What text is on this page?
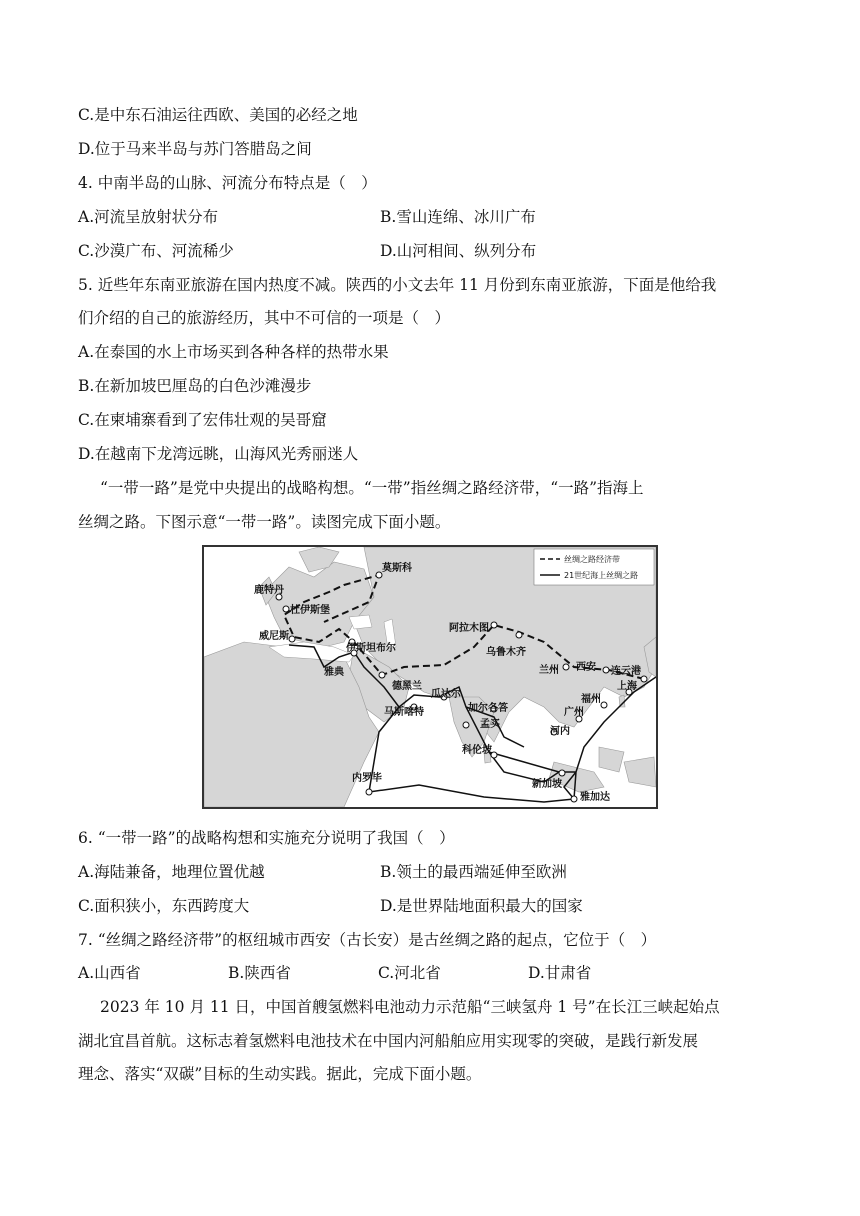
C.是中东石油运往西欧、美国的必经之地
D.位于马来半岛与苏门答腊岛之间
4. 中南半岛的山脉、河流分布特点是（　）
A.河流呈放射状分布	B.雪山连绵、冰川广布
C.沙漠广布、河流稀少	D.山河相间、纵列分布
5. 近些年东南亚旅游在国内热度不减。陕西的小文去年 11 月份到东南亚旅游，下面是他给我
们介绍的自己的旅游经历，其中不可信的一项是（　）
A.在泰国的水上市场买到各种各样的热带水果
B.在新加坡巴厘岛的白色沙滩漫步
C.在柬埔寨看到了宏伟壮观的吴哥窟
D.在越南下龙湾远眺，山海风光秀丽迷人
“一带一路”是党中央提出的战略构想。“一带”指丝绸之路经济带，“一路”指海上
丝绸之路。下图示意“一带一路”。读图完成下面小题。
丝绸之路经济带
21世纪海上丝绸之路
莫斯科
鹿特丹
杜伊斯堡
威尼斯
伊斯坦布尔
雅典
德黑兰
阿拉木图
乌鲁木齐
兰州 西安 连云港
上海
福州
广州
河内
加尔各答
孟买
瓜达尔
马斯喀特
科伦坡
内罗毕
新加坡
雅加达
6. “一带一路”的战略构想和实施充分说明了我国（　）
A.海陆兼备，地理位置优越	B.领土的最西端延伸至欧洲
C.面积狭小，东西跨度大	D.是世界陆地面积最大的国家
7. “丝绸之路经济带”的枢纽城市西安（古长安）是古丝绸之路的起点，它位于（　）
A.山西省	B.陕西省	C.河北省	D.甘肃省
2023 年 10 月 11 日，中国首艘氢燃料电池动力示范船“三峡氢舟 1 号”在长江三峡起始点
湖北宜昌首航。这标志着氢燃料电池技术在中国内河船舶应用实现零的突破，是践行新发展
理念、落实“双碳”目标的生动实践。据此，完成下面小题。
